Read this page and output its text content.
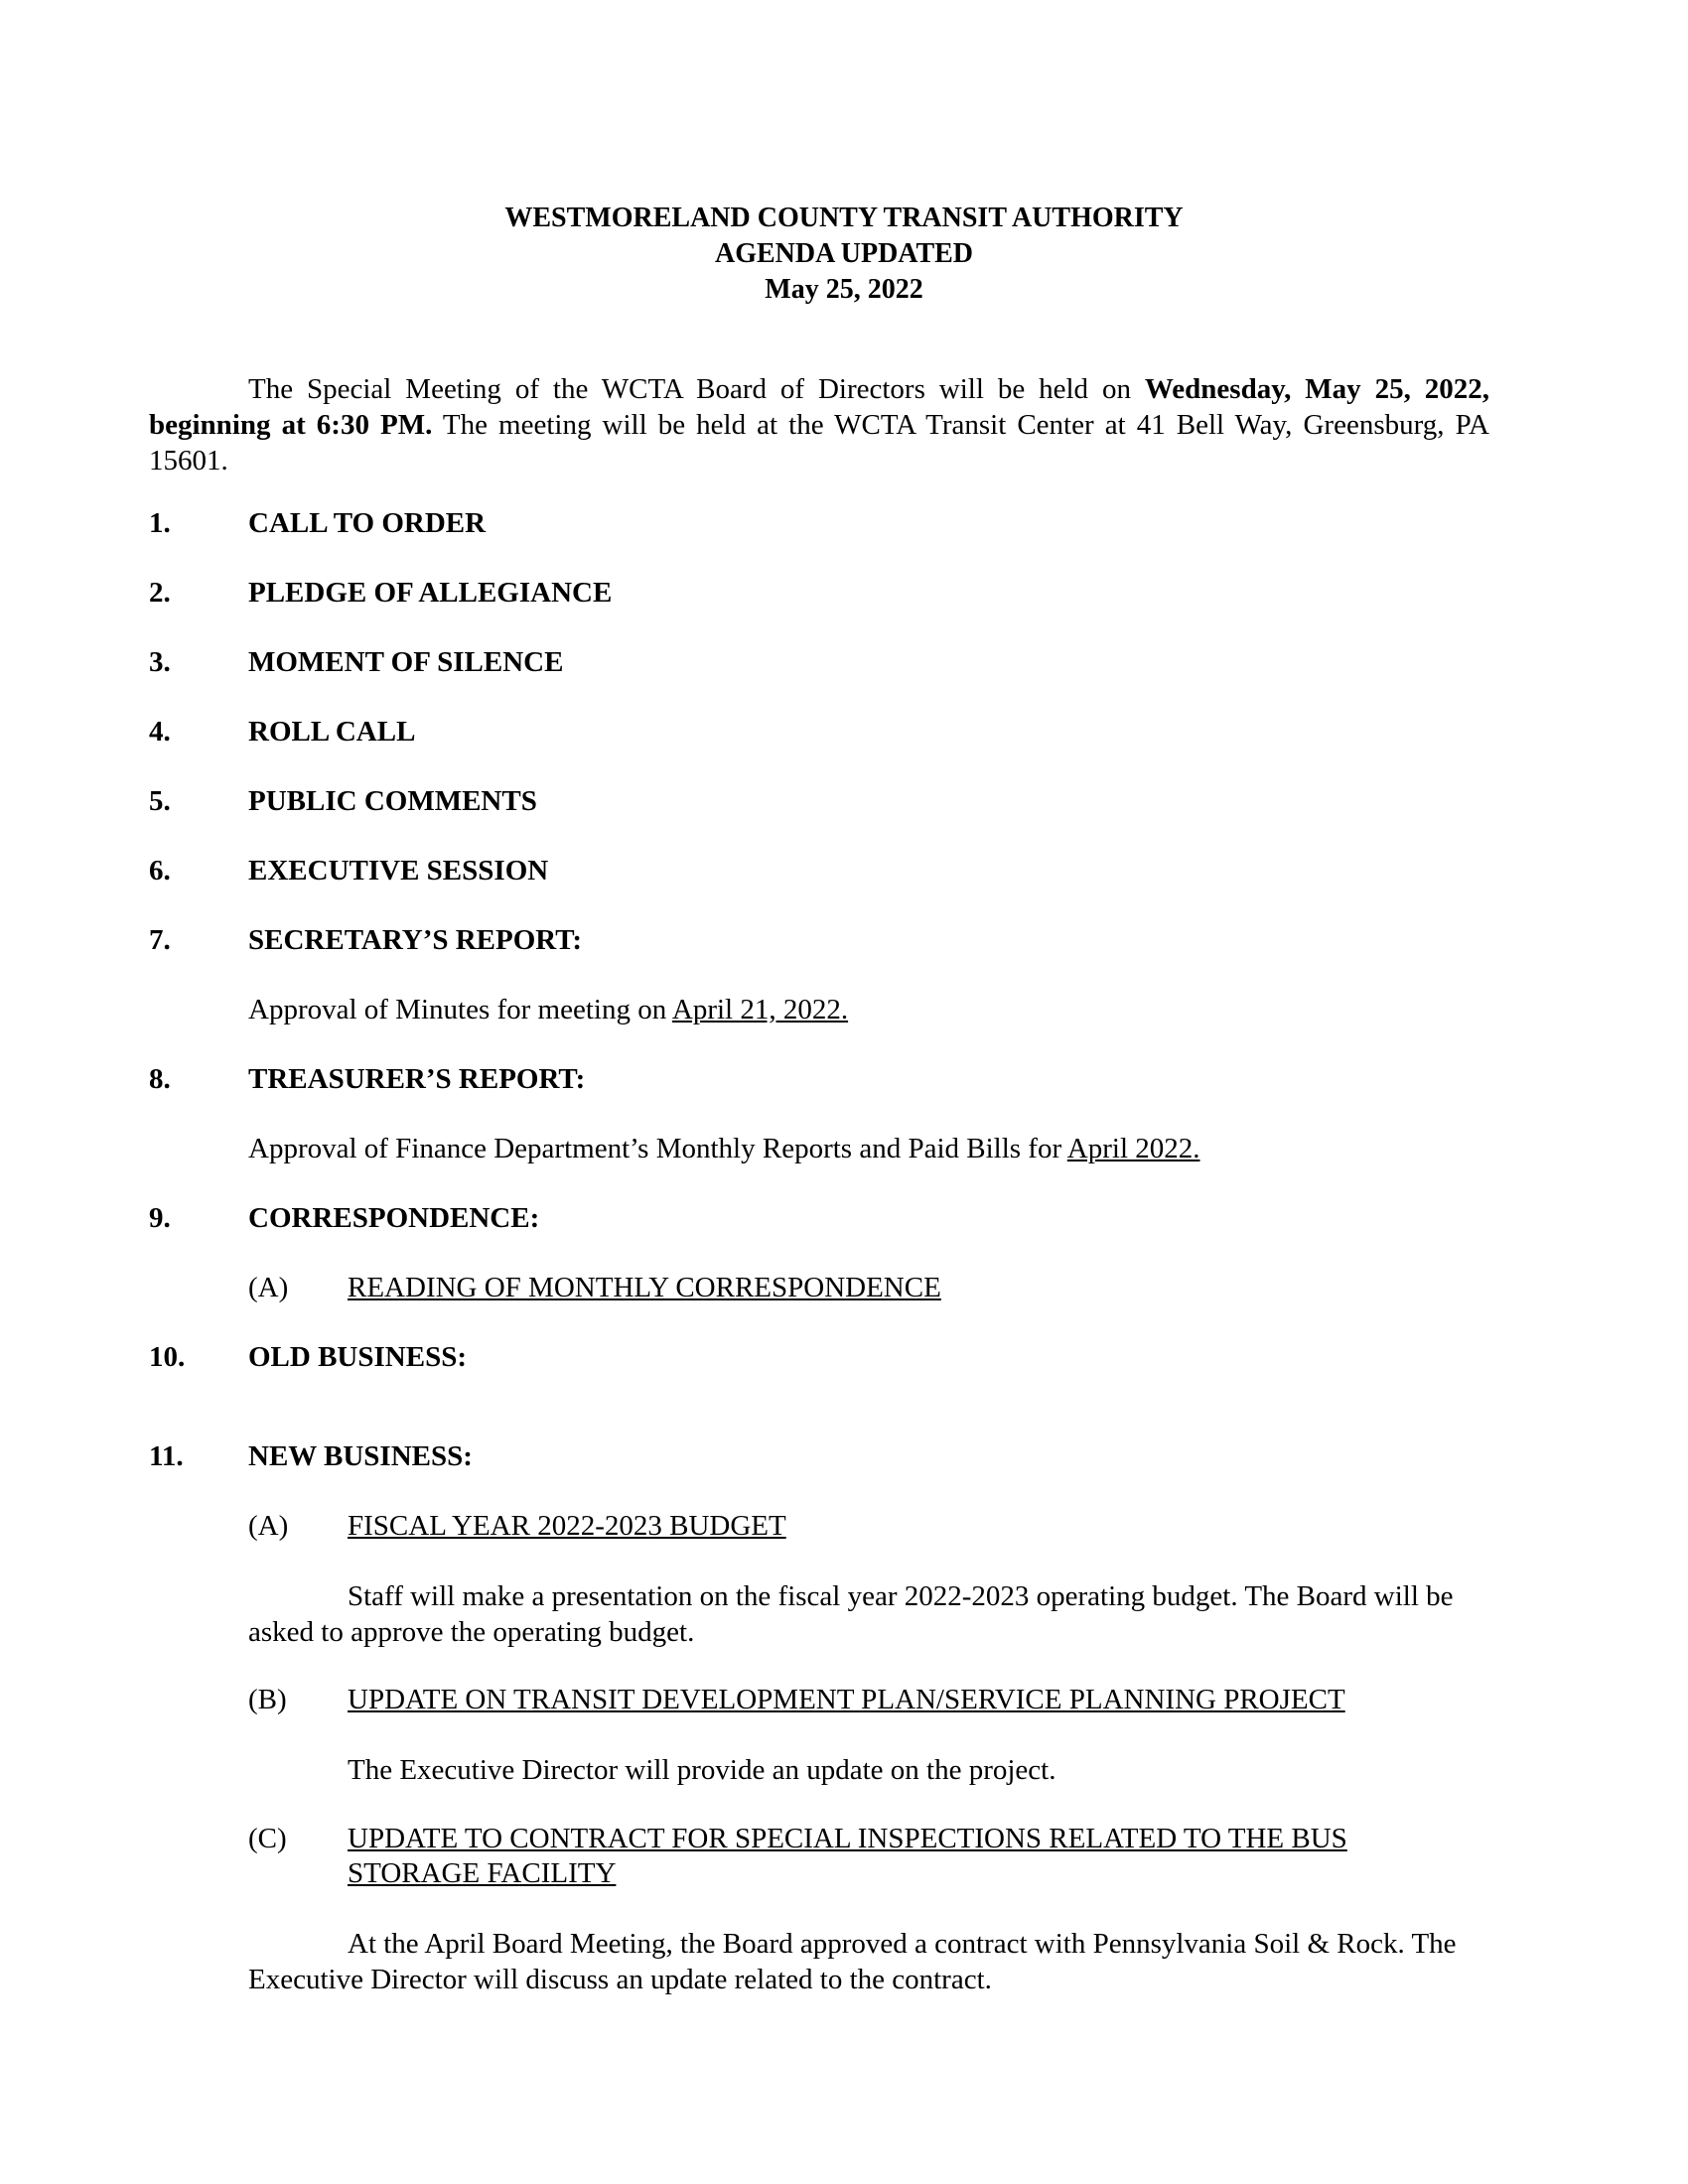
WESTMORELAND COUNTY TRANSIT AUTHORITY
AGENDA UPDATED
May 25, 2022
The Special Meeting of the WCTA Board of Directors will be held on Wednesday, May 25, 2022, beginning at 6:30 PM. The meeting will be held at the WCTA Transit Center at 41 Bell Way, Greensburg, PA 15601.
1.	CALL TO ORDER
2.	PLEDGE OF ALLEGIANCE
3.	MOMENT OF SILENCE
4.	ROLL CALL
5.	PUBLIC COMMENTS
6.	EXECUTIVE SESSION
7.	SECRETARY’S REPORT:
Approval of Minutes for meeting on April 21, 2022.
8.	TREASURER’S REPORT:
Approval of Finance Department’s Monthly Reports and Paid Bills for April 2022.
9.	CORRESPONDENCE:
(A) READING OF MONTHLY CORRESPONDENCE
10. OLD BUSINESS:
11. NEW BUSINESS:
(A) FISCAL YEAR 2022-2023 BUDGET
Staff will make a presentation on the fiscal year 2022-2023 operating budget. The Board will be asked to approve the operating budget.
(B) UPDATE ON TRANSIT DEVELOPMENT PLAN/SERVICE PLANNING PROJECT
The Executive Director will provide an update on the project.
(C) UPDATE TO CONTRACT FOR SPECIAL INSPECTIONS RELATED TO THE BUS
STORAGE FACILITY
At the April Board Meeting, the Board approved a contract with Pennsylvania Soil & Rock. The Executive Director will discuss an update related to the contract.
